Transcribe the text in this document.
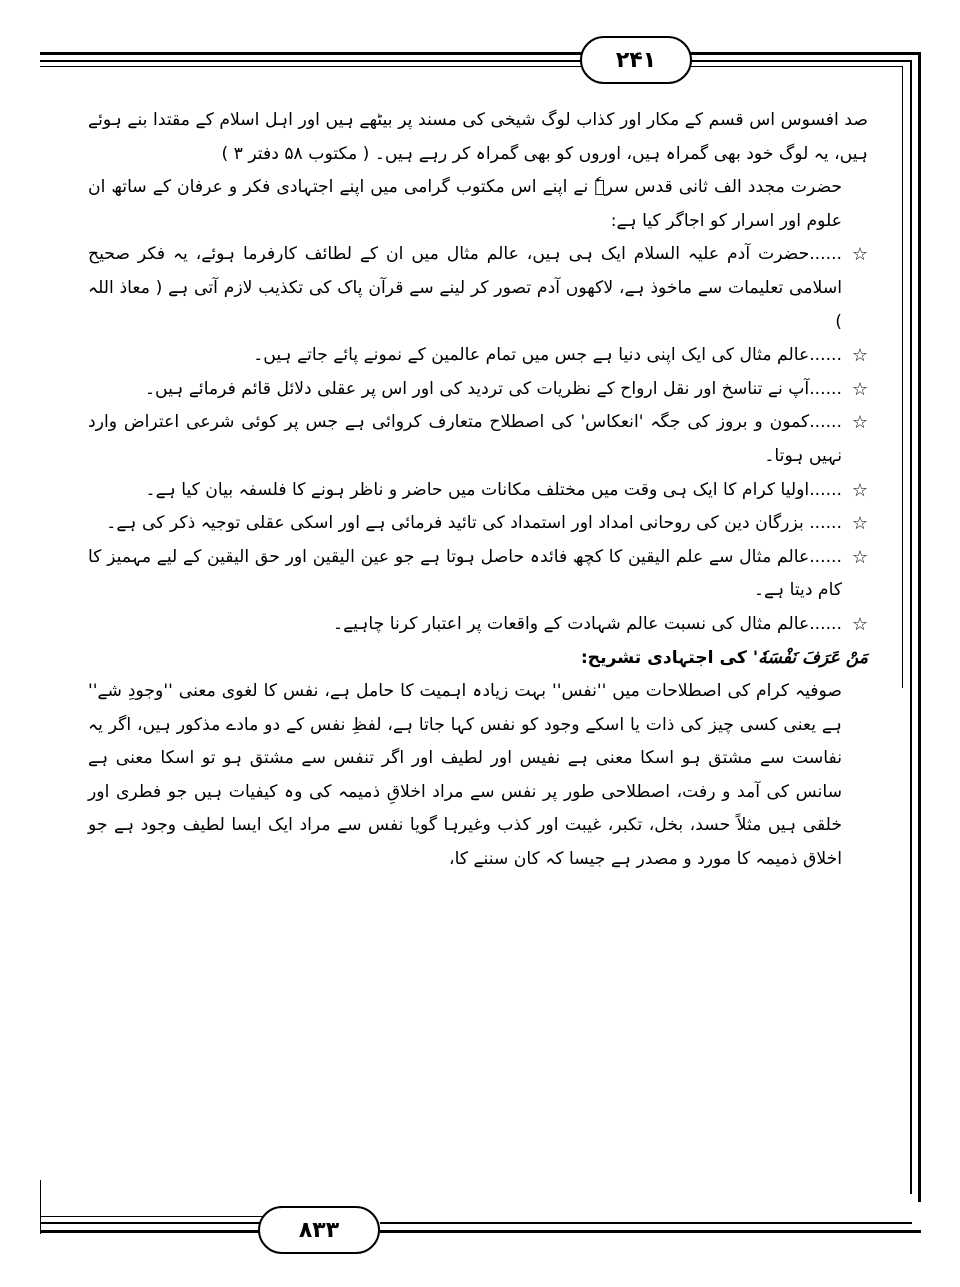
۲۴۱
۸۳۳

صد افسوس اس قسم کے مکار اور کذاب لوگ شیخی کی مسند پر بیٹھے ہیں اور اہل اسلام کے مقتدا بنے ہوئے ہیں، یہ لوگ خود بھی گمراہ ہیں، اوروں کو بھی گمراہ کر رہے ہیں۔ ( مکتوب ۵۸ دفتر ۳ )

حضرت مجدد الف ثانی قدس سرہٗ نے اپنے اس مکتوب گرامی میں اپنے اجتہادی فکر و عرفان کے ساتھ ان علوم اور اسرار کو اجاگر کیا ہے:

☆
......حضرت آدم علیہ السلام ایک ہی ہیں، عالم مثال میں ان کے لطائف کارفرما ہوئے، یہ فکر صحیح اسلامی تعلیمات سے ماخوذ ہے، لاکھوں آدم تصور کر لینے سے قرآن پاک کی تکذیب لازم آتی ہے ( معاذ اللہ )
☆
......عالم مثال کی ایک اپنی دنیا ہے جس میں تمام عالمین کے نمونے پائے جاتے ہیں۔
☆
......آپ نے تناسخ اور نقل ارواح کے نظریات کی تردید کی اور اس پر عقلی دلائل قائم فرمائے ہیں۔
☆
......کمون و بروز کی جگہ 'انعکاس' کی اصطلاح متعارف کروائی ہے جس پر کوئی شرعی اعتراض وارد نہیں ہوتا۔
☆
......اولیا کرام کا ایک ہی وقت میں مختلف مکانات میں حاضر و ناظر ہونے کا فلسفہ بیان کیا ہے۔
☆
...... بزرگان دین کی روحانی امداد اور استمداد کی تائید فرمائی ہے اور اسکی عقلی توجیہ ذکر کی ہے۔
☆
......عالم مثال سے علم الیقین کا کچھ فائدہ حاصل ہوتا ہے جو عین الیقین اور حق الیقین کے لیے مہمیز کا کام دیتا ہے۔
☆
......عالم مثال کی نسبت عالم شہادت کے واقعات پر اعتبار کرنا چاہیے۔

مَنْ عَرَفَ نَفْسَهٗ' کی اجتہادی تشریح:

صوفیہ کرام کی اصطلاحات میں ''نفس'' بہت زیادہ اہمیت کا حامل ہے، نفس کا لغوی معنی ''وجودِ شے'' ہے یعنی کسی چیز کی ذات یا اسکے وجود کو نفس کہا جاتا ہے، لفظِ نفس کے دو مادے مذکور ہیں، اگر یہ نفاست سے مشتق ہو اسکا معنی ہے نفیس اور لطیف اور اگر تنفس سے مشتق ہو تو اسکا معنی ہے سانس کی آمد و رفت، اصطلاحی طور پر نفس سے مراد اخلاقِ ذمیمہ کی وہ کیفیات ہیں جو فطری اور خلقی ہیں مثلاً حسد، بخل، تکبر، غیبت اور کذب وغیرہا گویا نفس سے مراد ایک ایسا لطیف وجود ہے جو اخلاق ذمیمہ کا مورد و مصدر ہے جیسا کہ کان سننے کا،
